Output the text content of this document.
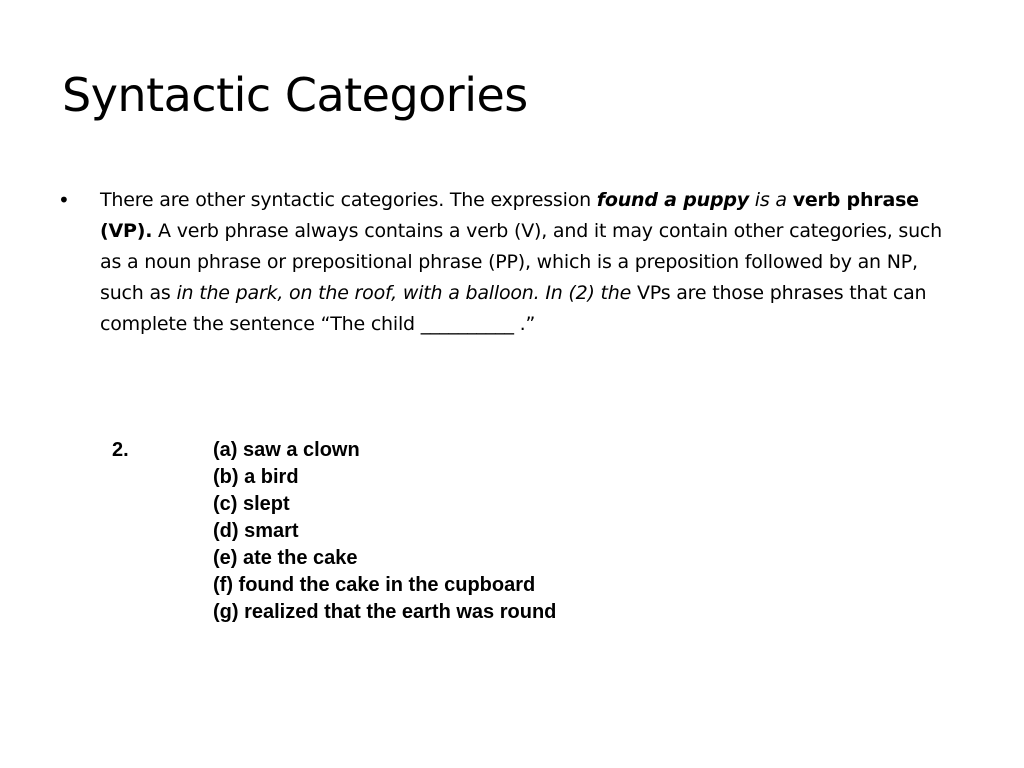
Syntactic Categories
• There are other syntactic categories. The expression found a puppy is a verb phrase (VP). A verb phrase always contains a verb (V), and it may contain other categories, such as a noun phrase or prepositional phrase (PP), which is a preposition followed by an NP, such as in the park, on the roof, with a balloon. In (2) the VPs are those phrases that can complete the sentence “The child __________ .”
2.	(a) saw a clown
(b) a bird
(c) slept
(d) smart
(e) ate the cake
(f) found the cake in the cupboard
(g) realized that the earth was round
